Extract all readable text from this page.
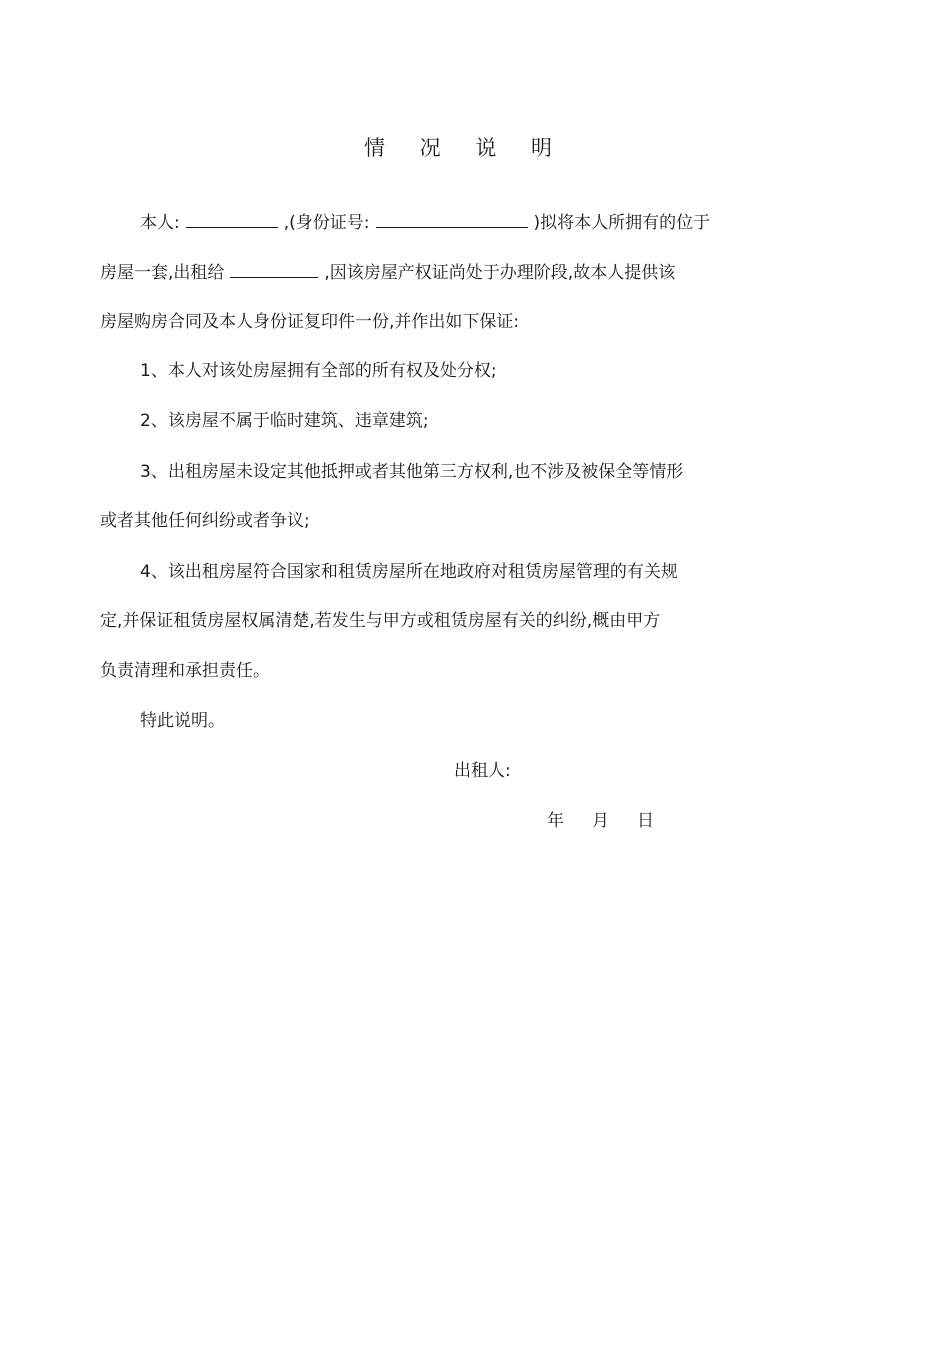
情 况 说 明
本人:	,(身份证号:	)拟将本人所拥有的位于
房屋一套,出租给	,因该房屋产权证尚处于办理阶段,故本人提供该
房屋购房合同及本人身份证复印件一份,并作出如下保证:
1、本人对该处房屋拥有全部的所有权及处分权;
2、该房屋不属于临时建筑、违章建筑;
3、出租房屋未设定其他抵押或者其他第三方权利,也不涉及被保全等情形
或者其他任何纠纷或者争议;
4、该出租房屋符合国家和租赁房屋所在地政府对租赁房屋管理的有关规
定,并保证租赁房屋权属清楚,若发生与甲方或租赁房屋有关的纠纷,概由甲方
负责清理和承担责任。
特此说明。
出租人:
年 月 日
